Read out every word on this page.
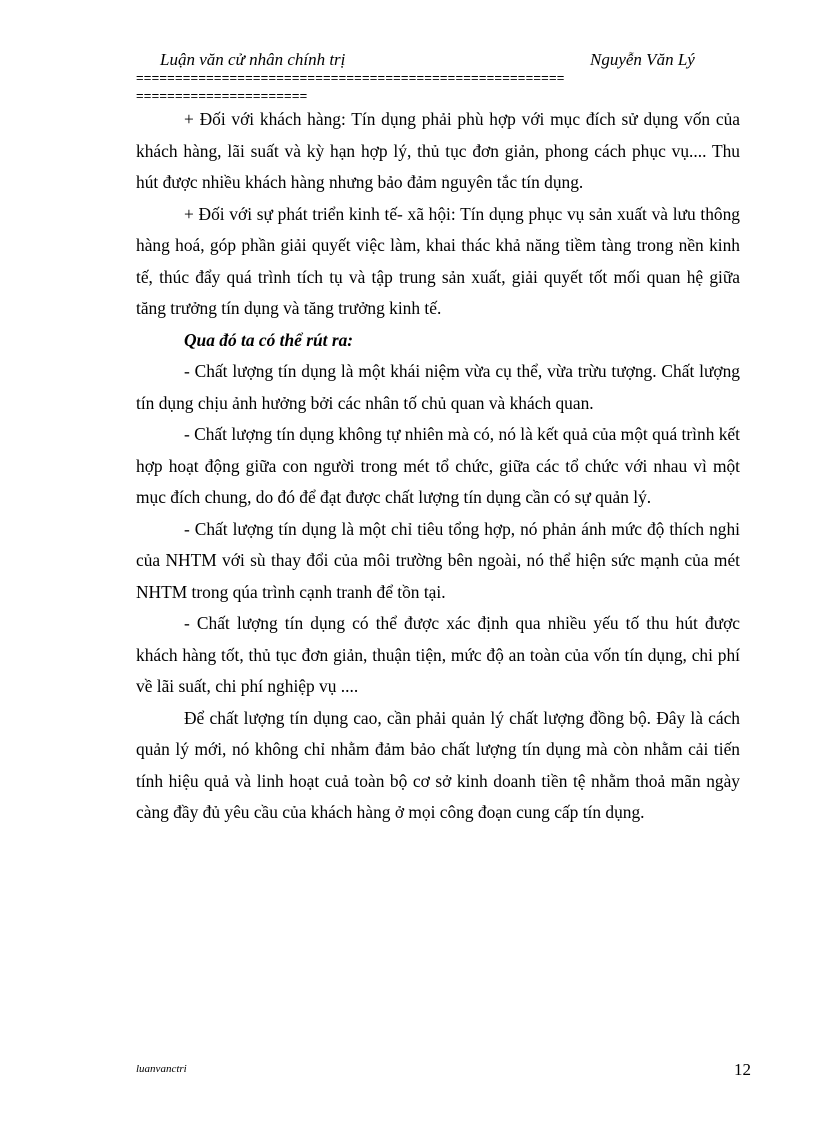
Luận văn cử nhân chính trị	Nguyễn Văn Lý
=======================================================
======================

+ Đối với khách hàng: Tín dụng phải phù hợp với mục đích sử dụng vốn của khách hàng, lãi suất và kỳ hạn hợp lý, thủ tục đơn giản, phong cách phục vụ.... Thu hút được nhiều khách hàng nhưng bảo đảm nguyên tắc tín dụng.

+ Đối với sự phát triển kinh tế- xã hội: Tín dụng phục vụ sản xuất và lưu thông hàng hoá, góp phần giải quyết việc làm, khai thác khả năng tiềm tàng trong nền kinh tế, thúc đẩy quá trình tích tụ và tập trung sản xuất, giải quyết tốt mối quan hệ giữa tăng trưởng tín dụng và tăng trưởng kinh tế.

Qua đó ta có thể rút ra:

- Chất lượng tín dụng là một khái niệm vừa cụ thể, vừa trừu tượng. Chất lượng tín dụng chịu ảnh hưởng bởi các nhân tố chủ quan và khách quan.

- Chất lượng tín dụng không tự nhiên mà có, nó là kết quả của một quá trình kết hợp hoạt động giữa con người trong mét tổ chức, giữa các tổ chức với nhau vì một mục đích chung, do đó để đạt được chất lượng tín dụng cần có sự quản lý.

- Chất lượng tín dụng là một chỉ tiêu tổng hợp, nó phản ánh mức độ thích nghi của NHTM với sù thay đổi của môi trường bên ngoài, nó thể hiện sức mạnh của mét NHTM trong qúa trình cạnh tranh để tồn tại.

- Chất lượng tín dụng có thể được xác định qua nhiều yếu tố thu hút được khách hàng tốt, thủ tục đơn giản, thuận tiện, mức độ an toàn của vốn tín dụng, chi phí về lãi suất, chi phí nghiệp vụ ....

Để chất lượng tín dụng cao, cần phải quản lý chất lượng đồng bộ. Đây là cách quản lý mới, nó không chỉ nhằm đảm bảo chất lượng tín dụng mà còn nhằm cải tiến tính hiệu quả và linh hoạt cuả toàn bộ cơ sở kinh doanh tiền tệ nhằm thoả mãn ngày càng đầy đủ yêu cầu của khách hàng ở mọi công đoạn cung cấp tín dụng.

luanvanctri	12
